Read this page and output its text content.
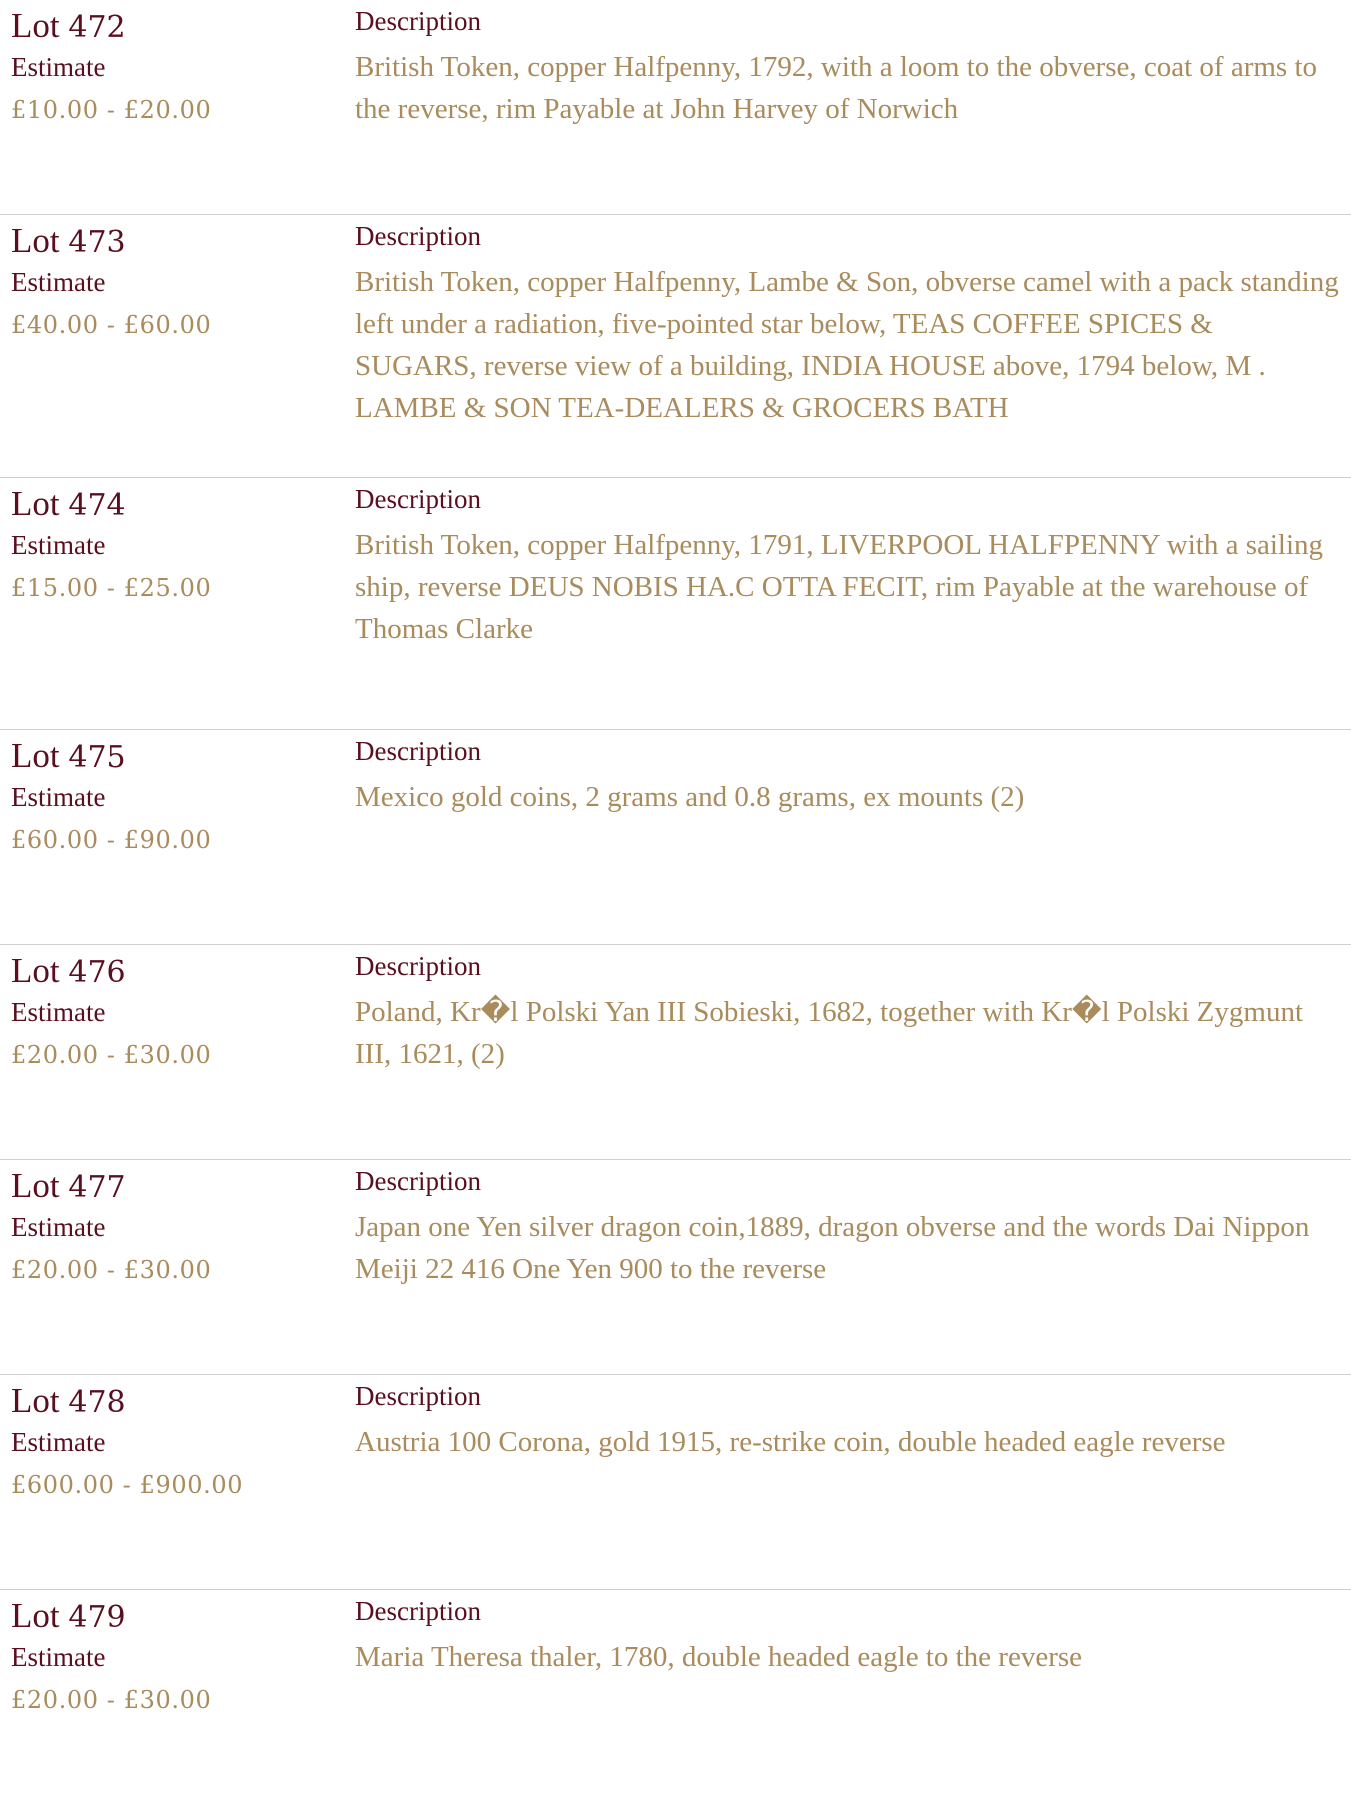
Lot 472
Estimate
£10.00 - £20.00
Description
British Token, copper Halfpenny, 1792, with a loom to the obverse, coat of arms to the reverse, rim Payable at John Harvey of Norwich
Lot 473
Estimate
£40.00 - £60.00
Description
British Token, copper Halfpenny, Lambe & Son, obverse camel with a pack standing left under a radiation, five-pointed star below, TEAS COFFEE SPICES & SUGARS, reverse view of a building, INDIA HOUSE above, 1794 below, M . LAMBE & SON TEA-DEALERS & GROCERS BATH
Lot 474
Estimate
£15.00 - £25.00
Description
British Token, copper Halfpenny, 1791, LIVERPOOL HALFPENNY with a sailing ship, reverse DEUS NOBIS HA.C OTTA FECIT, rim Payable at the warehouse of Thomas Clarke
Lot 475
Estimate
£60.00 - £90.00
Description
Mexico gold coins, 2 grams and 0.8 grams, ex mounts (2)
Lot 476
Estimate
£20.00 - £30.00
Description
Poland, Kr�l Polski Yan III Sobieski, 1682, together with Kr�l Polski Zygmunt III, 1621, (2)
Lot 477
Estimate
£20.00 - £30.00
Description
Japan one Yen silver dragon coin,1889, dragon obverse and the words Dai Nippon Meiji 22 416 One Yen 900 to the reverse
Lot 478
Estimate
£600.00 - £900.00
Description
Austria 100 Corona, gold 1915, re-strike coin, double headed eagle reverse
Lot 479
Estimate
£20.00 - £30.00
Description
Maria Theresa thaler, 1780, double headed eagle to the reverse
